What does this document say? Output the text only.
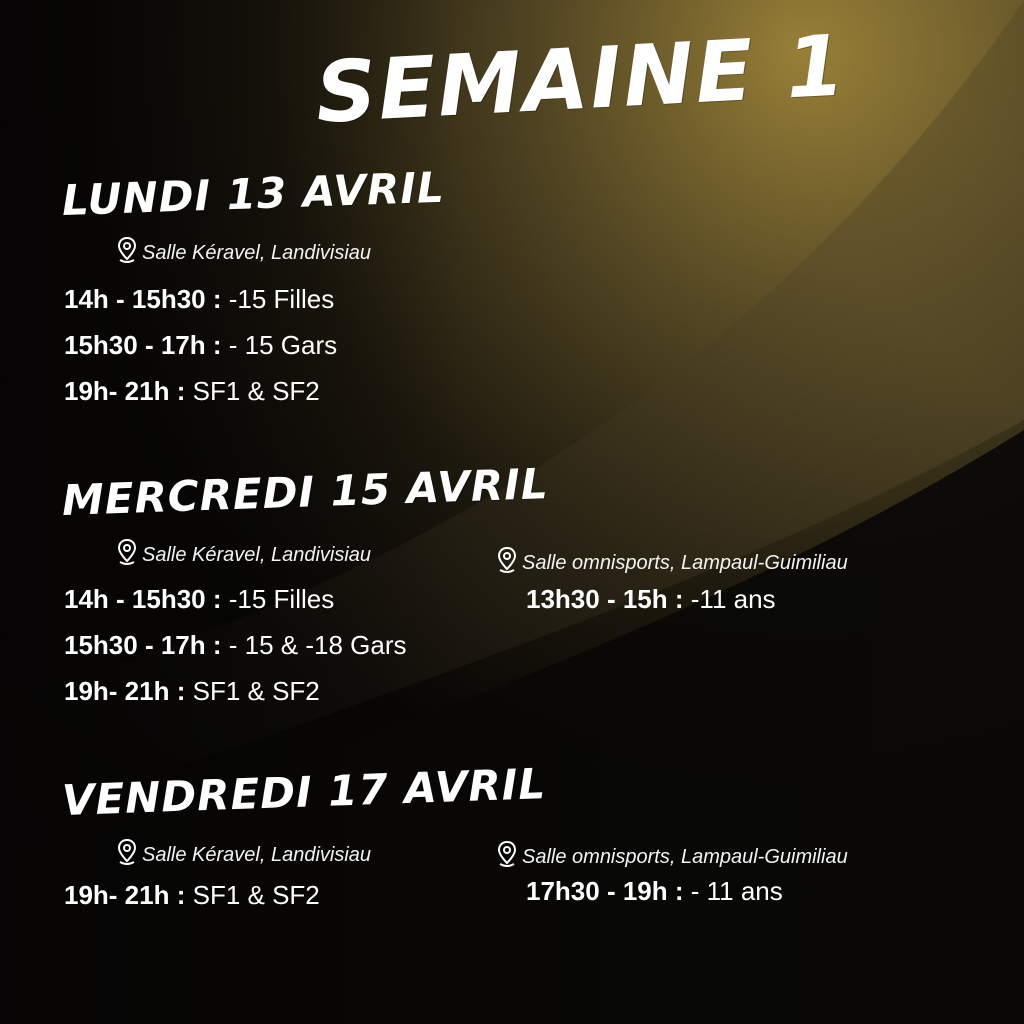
SEMAINE 1
LUNDI 13 AVRIL
Salle Kéravel, Landivisiau
14h - 15h30 : -15 Filles
15h30 - 17h : - 15 Gars
19h- 21h : SF1 & SF2
MERCREDI 15 AVRIL
Salle Kéravel, Landivisiau
14h - 15h30 : -15 Filles
15h30 - 17h : - 15 & -18 Gars
19h- 21h : SF1 & SF2
Salle omnisports, Lampaul-Guimiliau
13h30 - 15h : -11 ans
VENDREDI 17 AVRIL
Salle Kéravel, Landivisiau
19h- 21h : SF1 & SF2
Salle omnisports, Lampaul-Guimiliau
17h30 - 19h : - 11 ans
